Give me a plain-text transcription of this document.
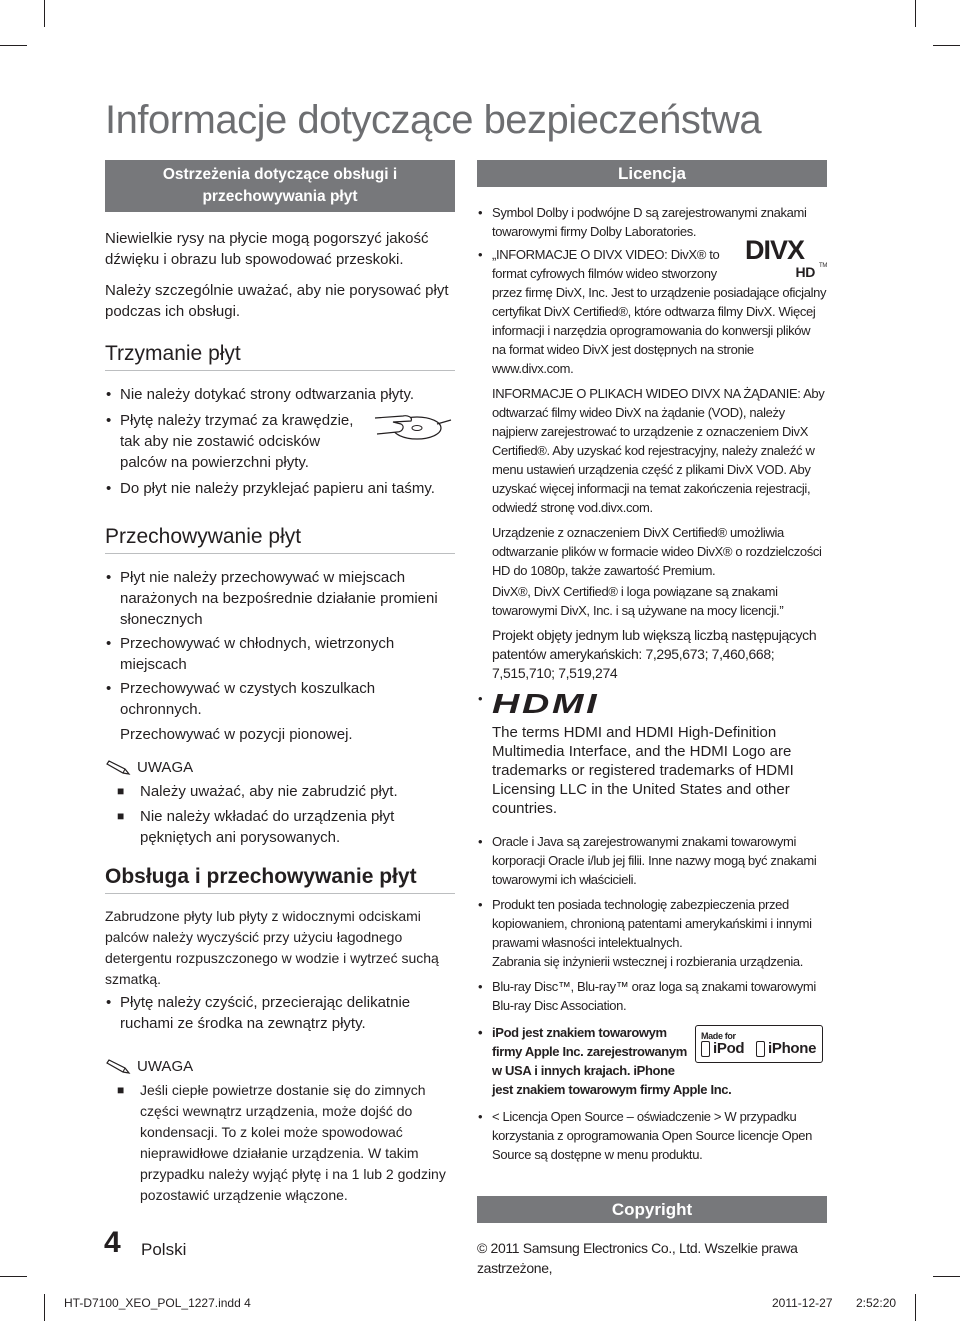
Informacje dotyczące bezpieczeństwa
Ostrzeżenia dotyczące obsługi i przechowywania płyt

Niewielkie rysy na płycie mogą pogorszyć jakość dźwięku i obrazu lub spowodować przeskoki.

Należy szczególnie uważać, aby nie porysować płyt podczas ich obsługi.

Trzymanie płyt
• Nie należy dotykać strony odtwarzania płyty.
• Płytę należy trzymać za krawędzie, tak aby nie zostawić odcisków palców na powierzchni płyty.
• Do płyt nie należy przyklejać papieru ani taśmy.
Przechowywanie płyt
• Płyt nie należy przechowywać w miejscach narażonych na bezpośrednie działanie promieni słonecznych
• Przechowywać w chłodnych, wietrzonych miejscach
• Przechowywać w czystych koszulkach ochronnych.

Przechowywać w pozycji pionowej.

UWAGA
■ Należy uważać, aby nie zabrudzić płyt.
■ Nie należy wkładać do urządzenia płyt pękniętych ani porysowanych.
Obsługa i przechowywanie płyt

Zabrudzone płyty lub płyty z widocznymi odciskami palców należy wyczyścić przy użyciu łagodnego detergentu rozpuszczonego w wodzie i wytrzeć suchą szmatką.

• Płytę należy czyścić, przecierając delikatnie ruchami ze środka na zewnątrz płyty.
UWAGA
■ Jeśli ciepłe powietrze dostanie się do zimnych części wewnątrz urządzenia, może dojść do kondensacji. To z kolei może spowodować nieprawidłowe działanie urządzenia. W takim przypadku należy wyjąć płytę i na 1 lub 2 godziny pozostawić urządzenie włączone.
Licencja
• Symbol Dolby i podwójne D są zarejestrowanymi znakami towarowymi firmy Dolby Laboratories.
•	DIVX
TM
HD
„INFORMACJE O DIVX VIDEO: DivX® to format cyfrowych filmów wideo stworzony przez firmę DivX, Inc. Jest to urządzenie posiadające oficjalny certyfikat DivX Certified®, które odtwarza filmy DivX. Więcej informacji i narzędzia oprogramowania do konwersji plików na format wideo DivX jest dostępnych na stronie www.divx.com.

INFORMACJE O PLIKACH WIDEO DIVX NA ŻĄDANIE: Aby odtwarzać filmy wideo DivX na żądanie (VOD), należy najpierw zarejestrować to urządzenie z oznaczeniem DivX Certified®. Aby uzyskać kod rejestracyjny, należy znaleźć w menu ustawień urządzenia część z plikami DivX VOD. Aby uzyskać więcej informacji na temat zakończenia rejestracji, odwiedź stronę vod.divx.com.

Urządzenie z oznaczeniem DivX Certified® umożliwia odtwarzanie plików w formacie wideo DivX® o rozdzielczości HD do 1080p, także zawartość Premium.

DivX®, DivX Certified® i loga powiązane są znakami towarowymi DivX, Inc. i są używane na mocy licencji.”

Projekt objęty jednym lub większą liczbą następujących patentów amerykańskich: 7,295,673; 7,460,668; 7,515,710; 7,519,274

• HDMI

The terms HDMI and HDMI High-Definition Multimedia Interface, and the HDMI Logo are trademarks or registered trademarks of HDMI Licensing LLC in the United States and other countries.

• Oracle i Java są zarejestrowanymi znakami towarowymi korporacji Oracle i/lub jej filii. Inne nazwy mogą być znakami towarowymi ich właścicieli.
• Produkt ten posiada technologię zabezpieczenia przed kopiowaniem, chronioną patentami amerykańskimi i innymi prawami własności intelektualnych.

Zabrania się inżynierii wstecznej i rozbierania urządzenia.

• Blu-ray Disc™, Blu-ray™ oraz loga są znakami towarowymi Blu-ray Disc Association.
•	Made for
iPod iPhone
iPod jest znakiem towarowym firmy Apple Inc. zarejestrowanym w USA i innych krajach. iPhone jest znakiem towarowym firmy Apple Inc.
• < Licencja Open Source – oświadczenie > W przypadku korzystania z oprogramowania Open Source licencje Open Source są dostępne w menu produktu.
Copyright

© 2011 Samsung Electronics Co., Ltd. Wszelkie prawa zastrzeżone,

4 Polski
HT-D7100_XEO_POL_1227.indd 4	2011-12-27 2:52:20
